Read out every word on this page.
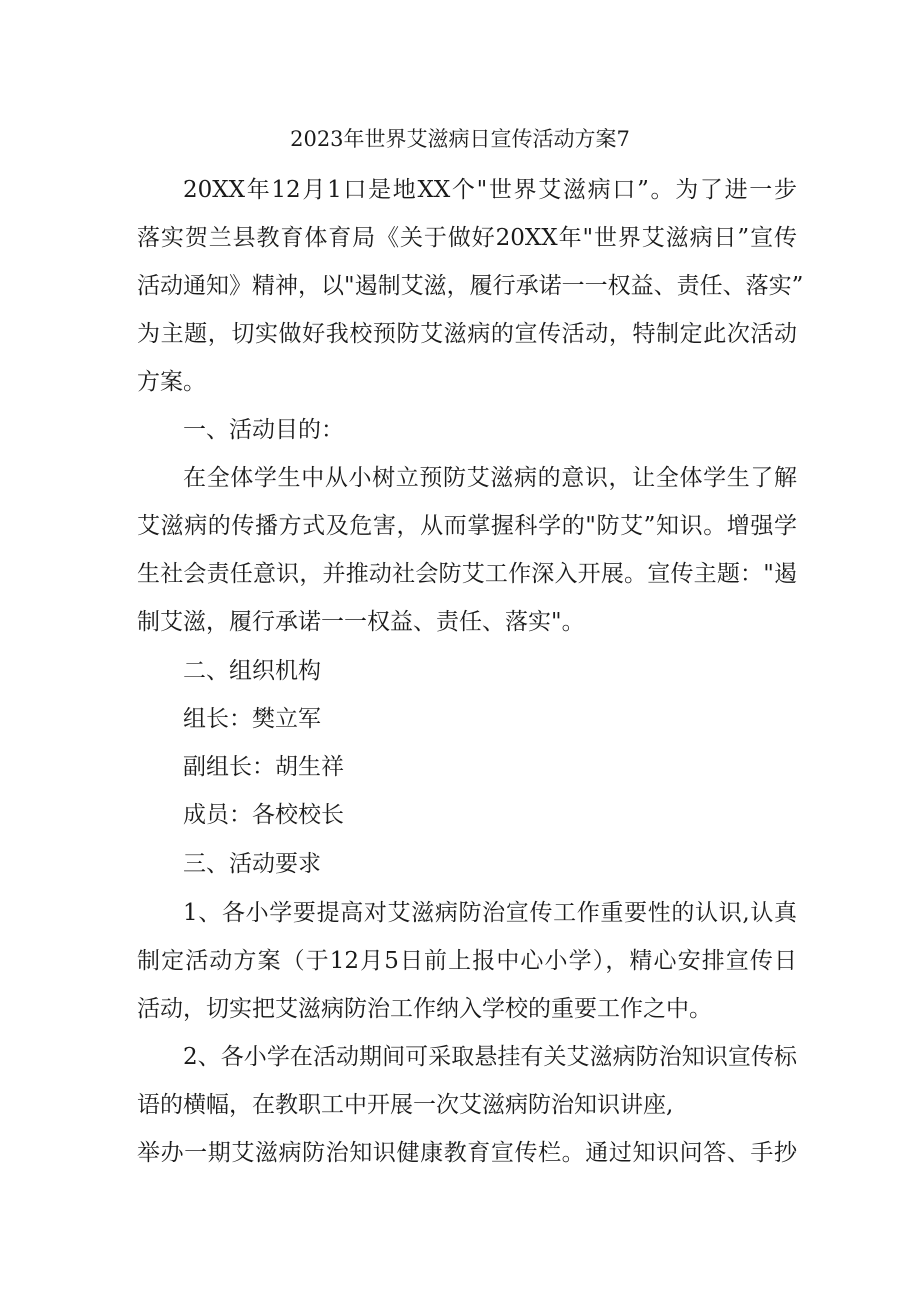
2023年世界艾滋病日宣传活动方案7
20XX年12月1口是地XX个"世界艾滋病口”。为了进一步
落实贺兰县教育体育局《关于做好20XX年"世界艾滋病日”宣传
活动通知》精神，以"遏制艾滋，履行承诺一一权益、责任、落实”
为主题，切实做好我校预防艾滋病的宣传活动，特制定此次活动
方案。
一、活动目的：
在全体学生中从小树立预防艾滋病的意识，让全体学生了解
艾滋病的传播方式及危害，从而掌握科学的"防艾”知识。增强学
生社会责任意识，并推动社会防艾工作深入开展。宣传主题："遏
制艾滋，履行承诺一一权益、责任、落实"。
二、组织机构
组长：樊立军
副组长：胡生祥
成员：各校校长
三、活动要求
1、各小学要提高对艾滋病防治宣传工作重要性的认识,认真
制定活动方案（于12月5日前上报中心小学），精心安排宣传日
活动，切实把艾滋病防治工作纳入学校的重要工作之中。
2、各小学在活动期间可采取悬挂有关艾滋病防治知识宣传标
语的横幅，在教职工中开展一次艾滋病防治知识讲座,
举办一期艾滋病防治知识健康教育宣传栏。通过知识问答、手抄
